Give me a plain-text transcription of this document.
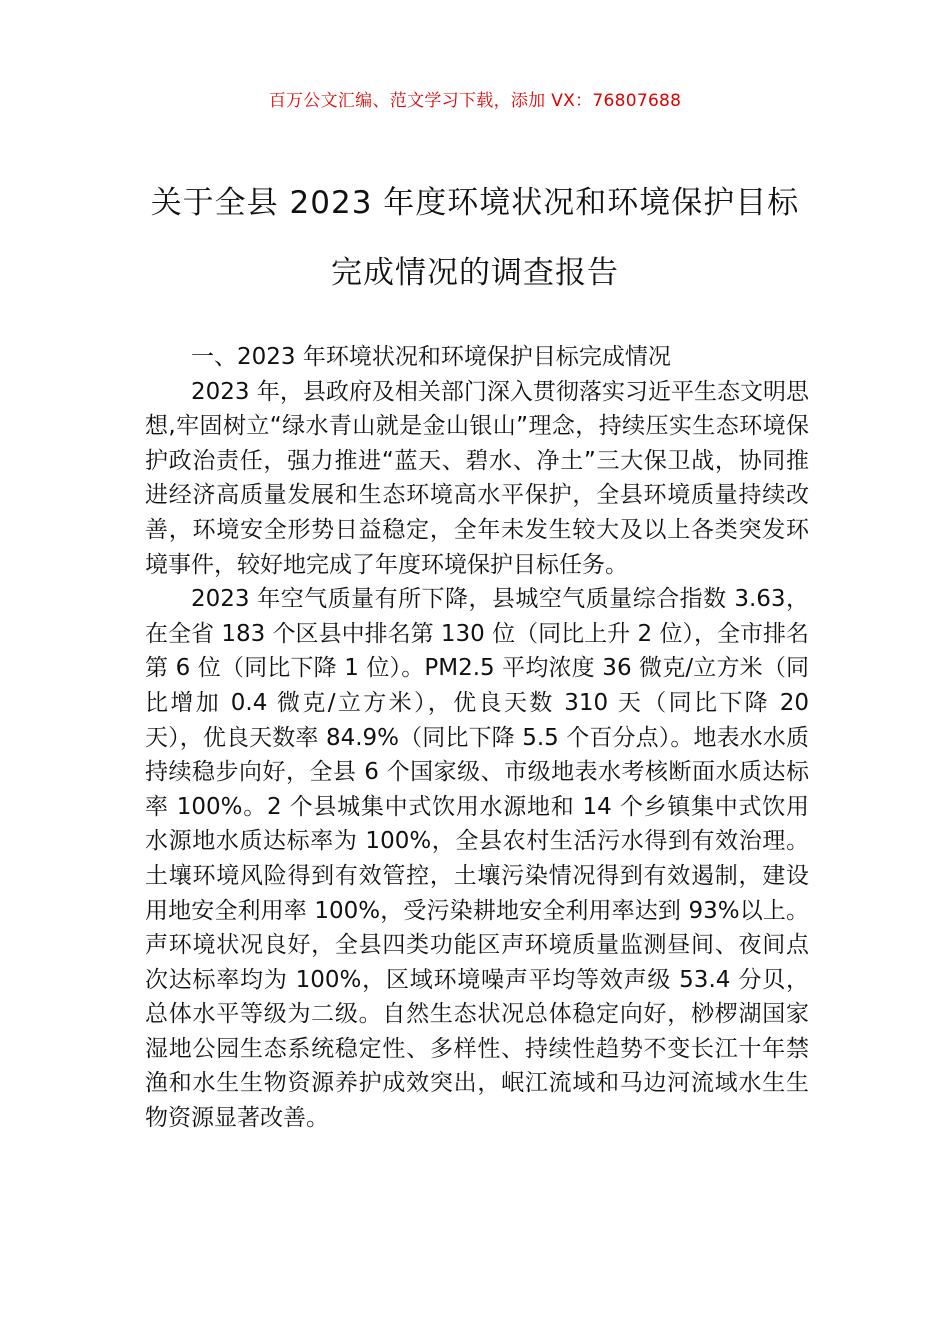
百万公文汇编、范文学习下载，添加 VX：76807688
关于全县 2023 年度环境状况和环境保护目标完成情况的调查报告

一、2023 年环境状况和环境保护目标完成情况

2023 年，县政府及相关部门深入贯彻落实习近平生态文明思想,牢固树立“绿水青山就是金山银山”理念，持续压实生态环境保护政治责任，强力推进“蓝天、碧水、净土”三大保卫战，协同推进经济高质量发展和生态环境高水平保护，全县环境质量持续改善，环境安全形势日益稳定，全年未发生较大及以上各类突发环境事件，较好地完成了年度环境保护目标任务。

2023 年空气质量有所下降，县城空气质量综合指数 3.63，在全省 183 个区县中排名第 130 位（同比上升 2 位），全市排名第 6 位（同比下降 1 位）。PM2.5 平均浓度 36 微克/立方米（同比增加 0.4 微克/立方米），优良天数 310 天（同比下降 20 天），优良天数率 84.9%（同比下降 5.5 个百分点）。地表水水质持续稳步向好，全县 6 个国家级、市级地表水考核断面水质达标率 100%。2 个县城集中式饮用水源地和 14 个乡镇集中式饮用水源地水质达标率为 100%，全县农村生活污水得到有效治理。土壤环境风险得到有效管控，土壤污染情况得到有效遏制，建设用地安全利用率 100%，受污染耕地安全利用率达到 93%以上。声环境状况良好，全县四类功能区声环境质量监测昼间、夜间点次达标率均为 100%，区域环境噪声平均等效声级 53.4 分贝，总体水平等级为二级。自然生态状况总体稳定向好，桫椤湖国家湿地公园生态系统稳定性、多样性、持续性趋势不变长江十年禁渔和水生生物资源养护成效突出，岷江流域和马边河流域水生生物资源显著改善。
